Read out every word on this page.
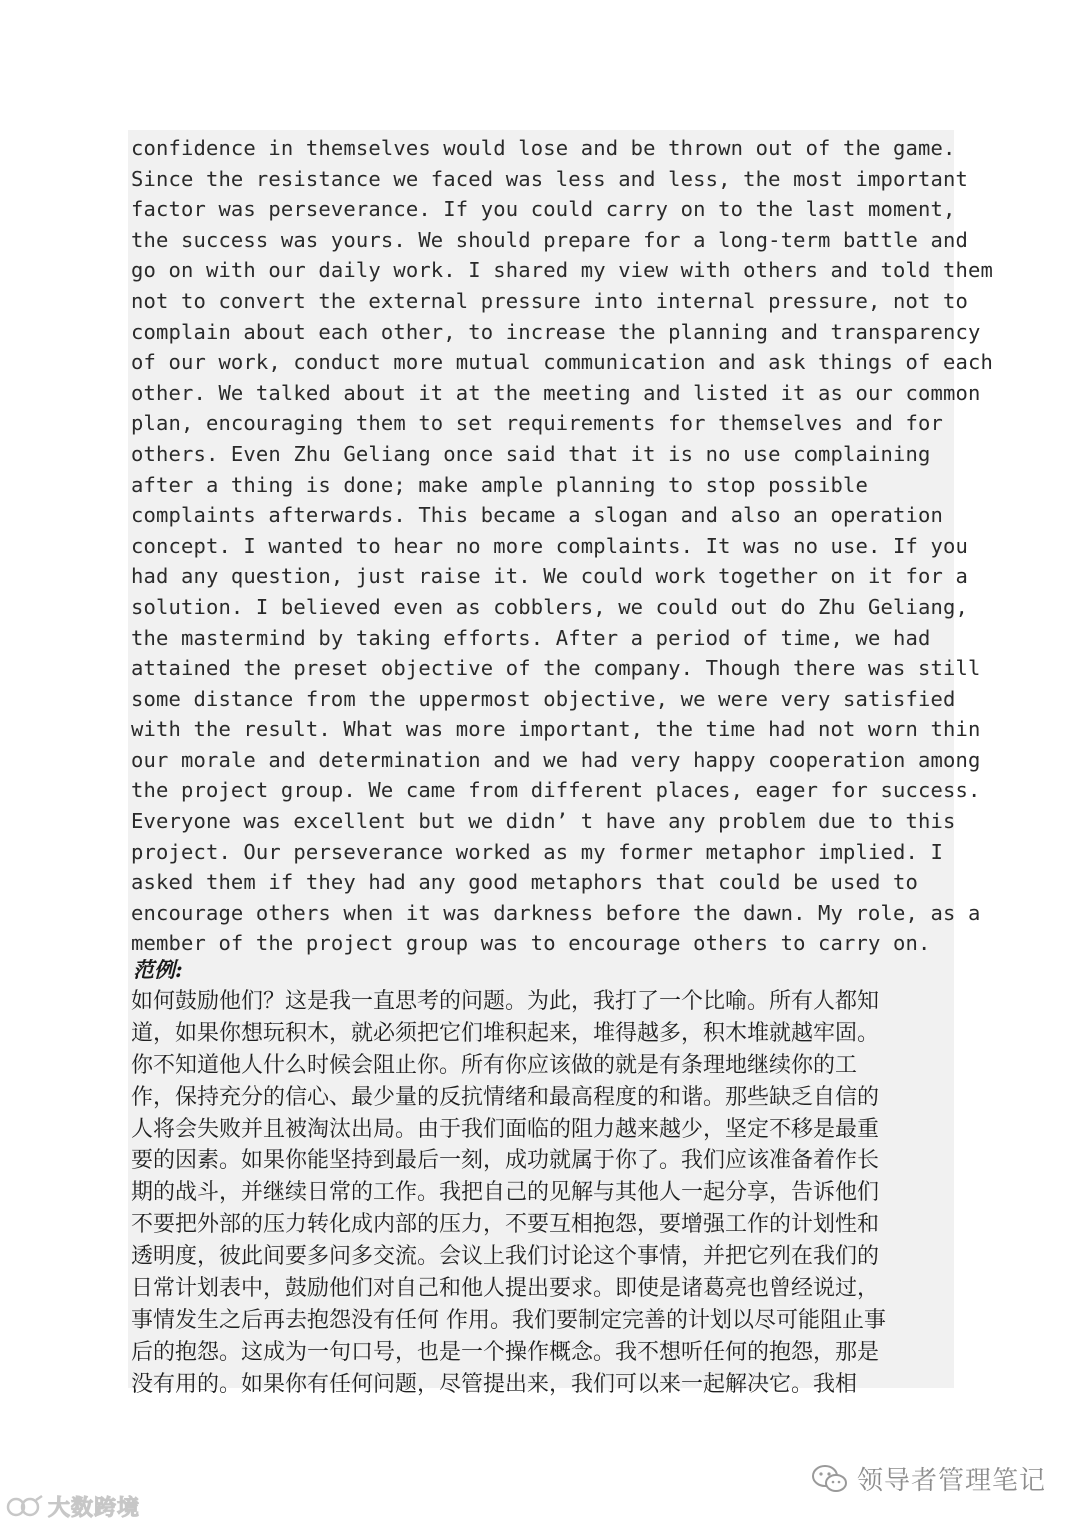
confidence in themselves would lose and be thrown out of the game.
Since the resistance we faced was less and less, the most important
factor was perseverance. If you could carry on to the last moment,
the success was yours. We should prepare for a long-term battle and
go on with our daily work. I shared my view with others and told them
not to convert the external pressure into internal pressure, not to
complain about each other, to increase the planning and transparency
of our work, conduct more mutual communication and ask things of each
other. We talked about it at the meeting and listed it as our common
plan, encouraging them to set requirements for themselves and for
others. Even Zhu Geliang once said that it is no use complaining
after a thing is done; make ample planning to stop possible
complaints afterwards. This became a slogan and also an operation
concept. I wanted to hear no more complaints. It was no use. If you
had any question, just raise it. We could work together on it for a
solution. I believed even as cobblers, we could out do Zhu Geliang,
the mastermind by taking efforts. After a period of time, we had
attained the preset objective of the company. Though there was still
some distance from the uppermost objective, we were very satisfied
with the result. What was more important, the time had not worn thin
our morale and determination and we had very happy cooperation among
the project group. We came from different places, eager for success.
Everyone was excellent but we didn’ t have any problem due to this
project. Our perseverance worked as my former metaphor implied. I
asked them if they had any good metaphors that could be used to
encourage others when it was darkness before the dawn. My role, as a
member of the project group was to encourage others to carry on.
范例:
如何鼓励他们？这是我一直思考的问题。为此，我打了一个比喻。所有人都知
道，如果你想玩积木，就必须把它们堆积起来，堆得越多，积木堆就越牢固。
你不知道他人什么时候会阻止你。所有你应该做的就是有条理地继续你的工
作，保持充分的信心、最少量的反抗情绪和最高程度的和谐。那些缺乏自信的
人将会失败并且被淘汰出局。由于我们面临的阻力越来越少，坚定不移是最重
要的因素。如果你能坚持到最后一刻，成功就属于你了。我们应该准备着作长
期的战斗，并继续日常的工作。我把自己的见解与其他人一起分享，告诉他们
不要把外部的压力转化成内部的压力，不要互相抱怨，要增强工作的计划性和
透明度，彼此间要多问多交流。会议上我们讨论这个事情，并把它列在我们的
日常计划表中，鼓励他们对自己和他人提出要求。即使是诸葛亮也曾经说过，
事情发生之后再去抱怨没有任何 作用。我们要制定完善的计划以尽可能阻止事
后的抱怨。这成为一句口号，也是一个操作概念。我不想听任何的抱怨，那是
没有用的。如果你有任何问题，尽管提出来，我们可以来一起解决它。我相
大数跨境
领导者管理笔记
